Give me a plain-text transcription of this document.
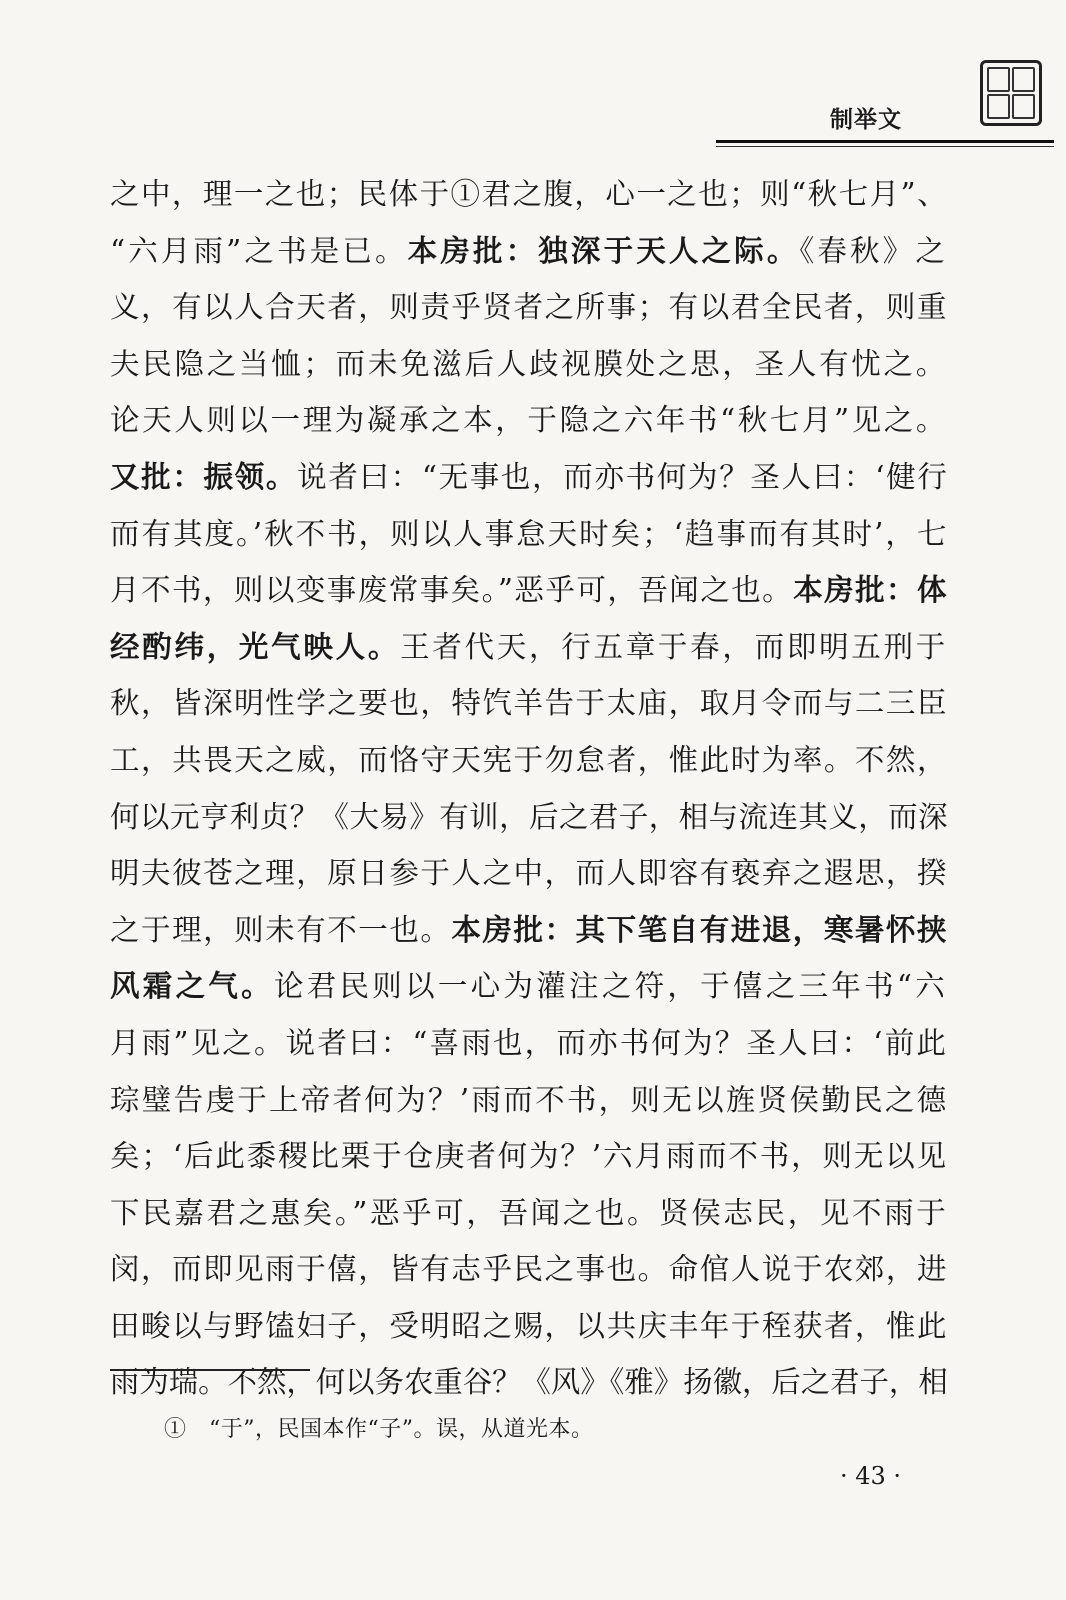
制举文
之中，理一之也；民体于①君之腹，心一之也；则“秋七月”、
“六月雨”之书是已。本房批：独深于天人之际。《春秋》之
义，有以人合天者，则责乎贤者之所事；有以君全民者，则重
夫民隐之当恤；而未免滋后人歧视膜处之思，圣人有忧之。
论天人则以一理为凝承之本，于隐之六年书“秋七月”见之。
又批：振领。说者曰：“无事也，而亦书何为？圣人曰：‘健行
而有其度。’秋不书，则以人事怠天时矣；‘趋事而有其时’，七
月不书，则以变事废常事矣。”恶乎可，吾闻之也。本房批：体
经酌纬，光气映人。王者代天，行五章于春，而即明五刑于
秋，皆深明性学之要也，特饩羊告于太庙，取月令而与二三臣
工，共畏天之威，而恪守天宪于勿怠者，惟此时为率。不然，
何以元亨利贞？《大易》有训，后之君子，相与流连其义，而深
明夫彼苍之理，原日参于人之中，而人即容有亵弃之遐思，揆
之于理，则未有不一也。本房批：其下笔自有进退，寒暑怀挟
风霜之气。论君民则以一心为灌注之符，于僖之三年书“六
月雨”见之。说者曰：“喜雨也，而亦书何为？圣人曰：‘前此
琮璧告虔于上帝者何为？’雨而不书，则无以旌贤侯勤民之德
矣；‘后此黍稷比栗于仓庚者何为？’六月雨而不书，则无以见
下民嘉君之惠矣。”恶乎可，吾闻之也。贤侯志民，见不雨于
闵，而即见雨于僖，皆有志乎民之事也。命倌人说于农郊，进
田畯以与野馌妇子，受明昭之赐，以共庆丰年于秷获者，惟此
雨为瑞。不然，何以务农重谷？《风》《雅》扬徽，后之君子，相
①　“于”，民国本作“子”。误，从道光本。
· 43 ·
